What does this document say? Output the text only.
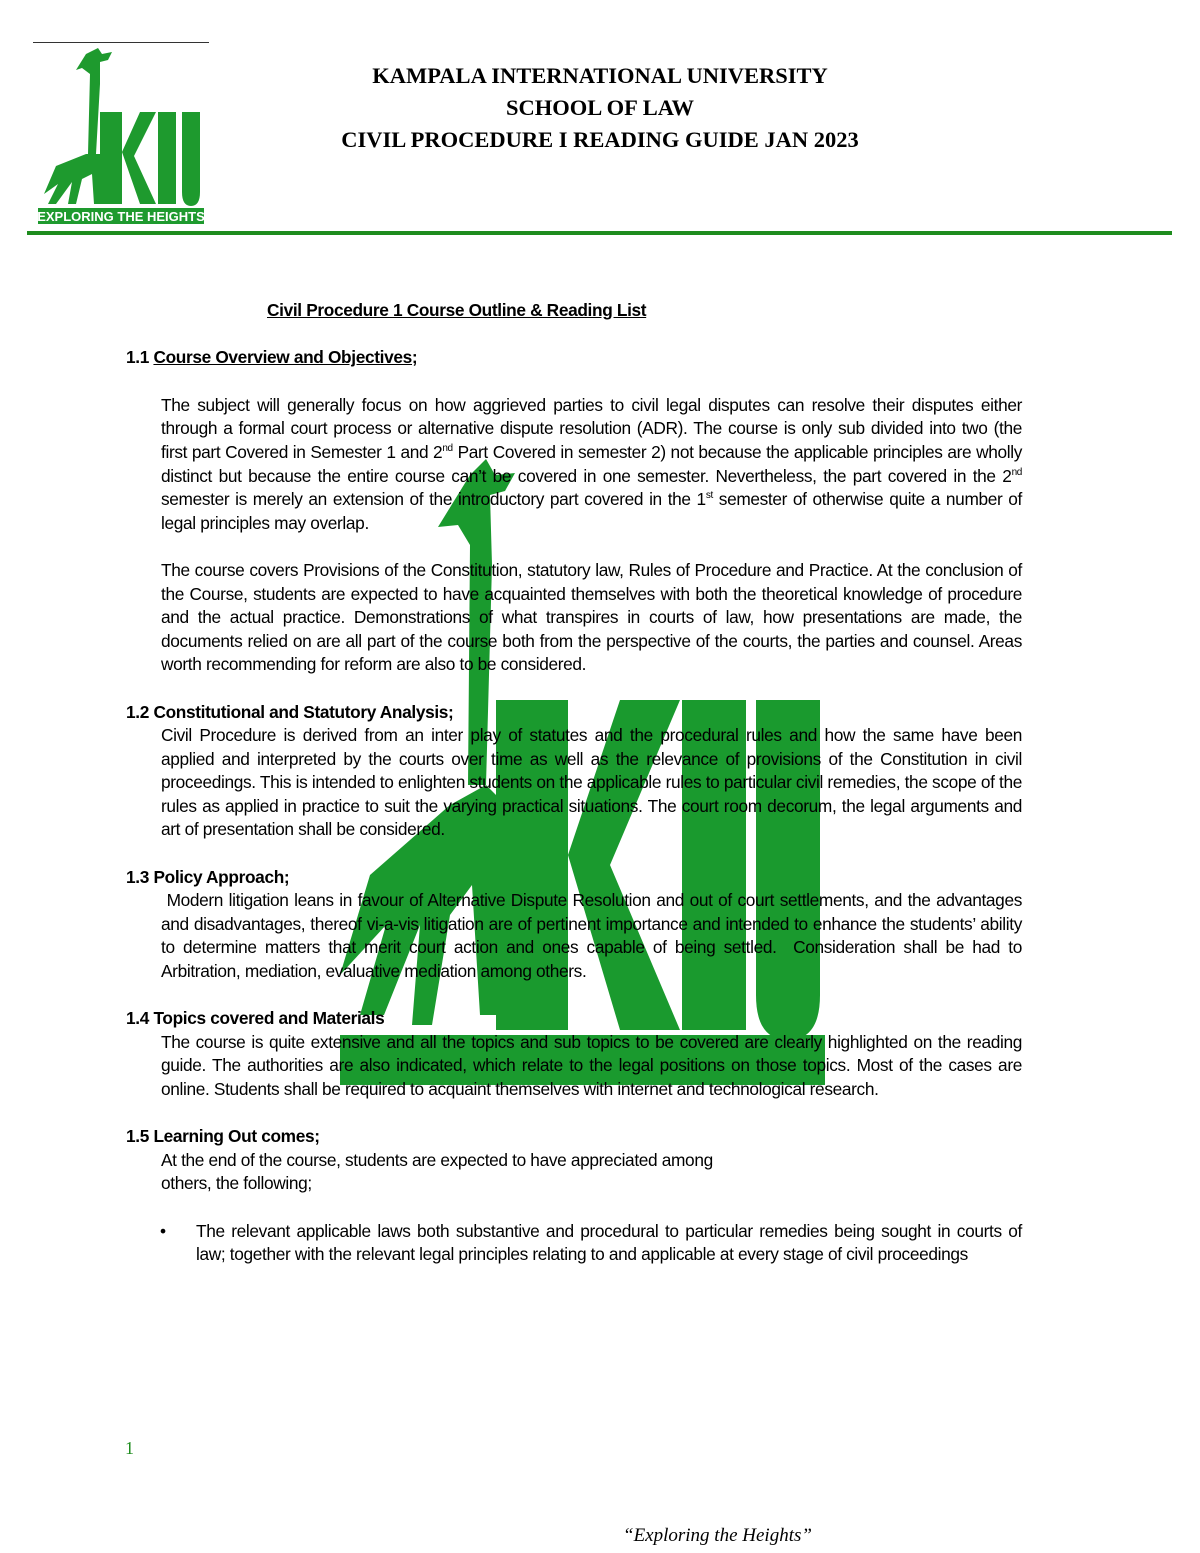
EXPLORING THE HEIGHTS
KAMPALA INTERNATIONAL UNIVERSITY
SCHOOL OF LAW
CIVIL PROCEDURE I READING GUIDE JAN 2023
Civil Procedure 1 Course Outline & Reading List
1.1 Course Overview and Objectives;
The subject will generally focus on how aggrieved parties to civil legal disputes can resolve their disputes either through a formal court process or alternative dispute resolution (ADR). The course is only sub divided into two (the first part Covered in Semester 1 and 2nd Part Covered in semester 2) not because the applicable principles are wholly distinct but because the entire course can’t be covered in one semester. Nevertheless, the part covered in the 2nd semester is merely an extension of the introductory part covered in the 1st semester of otherwise quite a number of legal principles may overlap.
The course covers Provisions of the Constitution, statutory law, Rules of Procedure and Practice. At the conclusion of the Course, students are expected to have acquainted themselves with both the theoretical knowledge of procedure and the actual practice. Demonstrations of what transpires in courts of law, how presentations are made, the documents relied on are all part of the course both from the perspective of the courts, the parties and counsel. Areas worth recommending for reform are also to be considered.
1.2 Constitutional and Statutory Analysis;
Civil Procedure is derived from an inter play of statutes and the procedural rules and how the same have been applied and interpreted by the courts over time as well as the relevance of provisions of the Constitution in civil proceedings. This is intended to enlighten students on the applicable rules to particular civil remedies, the scope of the rules as applied in practice to suit the varying practical situations. The court room decorum, the legal arguments and art of presentation shall be considered.
1.3 Policy Approach;
Modern litigation leans in favour of Alternative Dispute Resolution and out of court settlements, and the advantages and disadvantages, thereof vi-a-vis litigation are of pertinent importance and intended to enhance the students’ ability to determine matters that merit court action and ones capable of being settled.  Consideration shall be had to Arbitration, mediation, evaluative mediation among others.
1.4 Topics covered and Materials
The course is quite extensive and all the topics and sub topics to be covered are clearly highlighted on the reading guide. The authorities are also indicated, which relate to the legal positions on those topics. Most of the cases are online. Students shall be required to acquaint themselves with internet and technological research.
1.5 Learning Out comes;
At the end of the course, students are expected to have appreciated among
others, the following;
•	The relevant applicable laws both substantive and procedural to particular remedies being sought in courts of law; together with the relevant legal principles relating to and applicable at every stage of civil proceedings
1
“Exploring the Heights”
